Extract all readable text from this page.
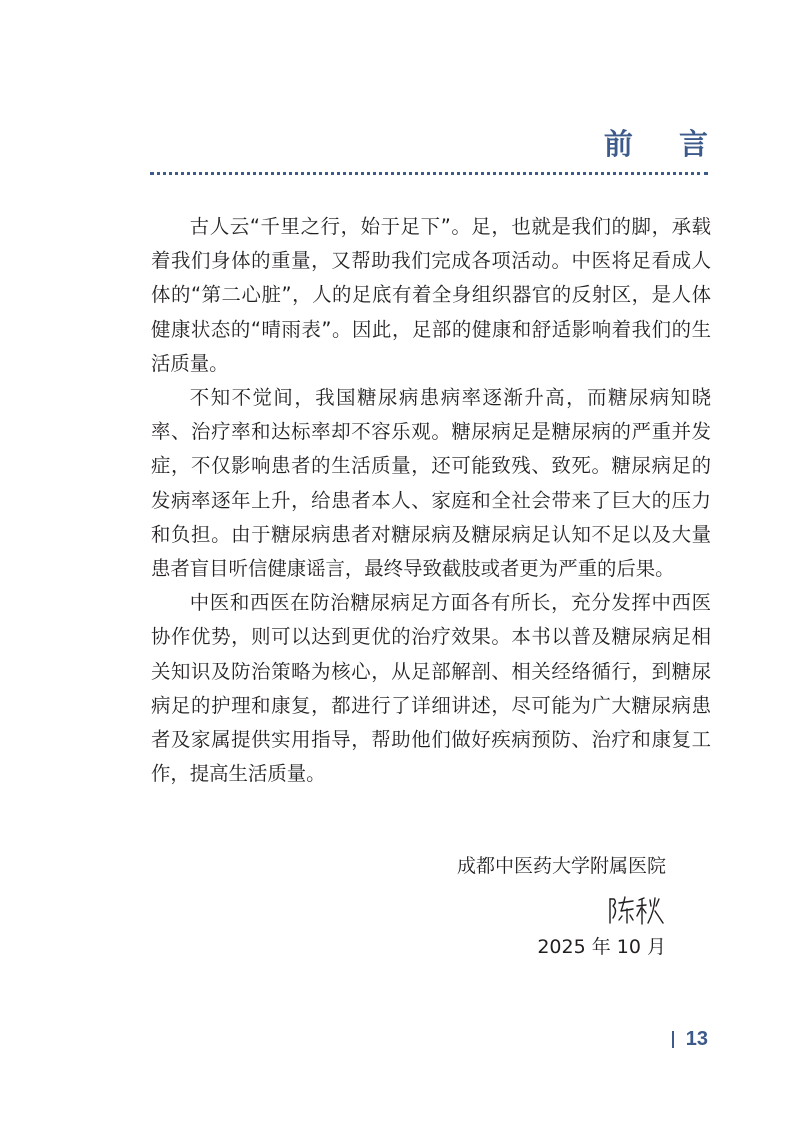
前 言

古人云“千里之行，始于足下”。足，也就是我们的脚，承载着我们身体的重量，又帮助我们完成各项活动。中医将足看成人体的“第二心脏”，人的足底有着全身组织器官的反射区，是人体健康状态的“晴雨表”。因此，足部的健康和舒适影响着我们的生活质量。

不知不觉间，我国糖尿病患病率逐渐升高，而糖尿病知晓率、治疗率和达标率却不容乐观。糖尿病足是糖尿病的严重并发症，不仅影响患者的生活质量，还可能致残、致死。糖尿病足的发病率逐年上升，给患者本人、家庭和全社会带来了巨大的压力和负担。由于糖尿病患者对糖尿病及糖尿病足认知不足以及大量患者盲目听信健康谣言，最终导致截肢或者更为严重的后果。

中医和西医在防治糖尿病足方面各有所长，充分发挥中西医协作优势，则可以达到更优的治疗效果。本书以普及糖尿病足相关知识及防治策略为核心，从足部解剖、相关经络循行，到糖尿病足的护理和康复，都进行了详细讲述，尽可能为广大糖尿病患者及家属提供实用指导，帮助他们做好疾病预防、治疗和康复工作，提高生活质量。

成都中医药大学附属医院
2025 年 10 月
13
